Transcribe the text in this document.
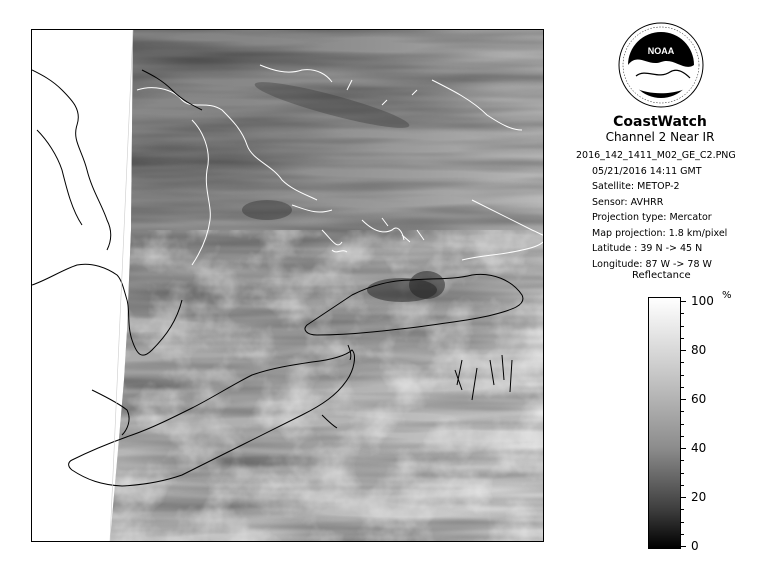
NOAA
CoastWatch
Channel 2 Near IR
2016_142_1411_M02_GE_C2.PNG
05/21/2016 14:11 GMT
Satellite: METOP-2
Sensor: AVHRR
Projection type: Mercator
Map projection: 1.8 km/pixel
Latitude : 39 N -> 45 N
Longitude: 87 W -> 78 W
Reflectance
%
100
80
60
40
20
0
